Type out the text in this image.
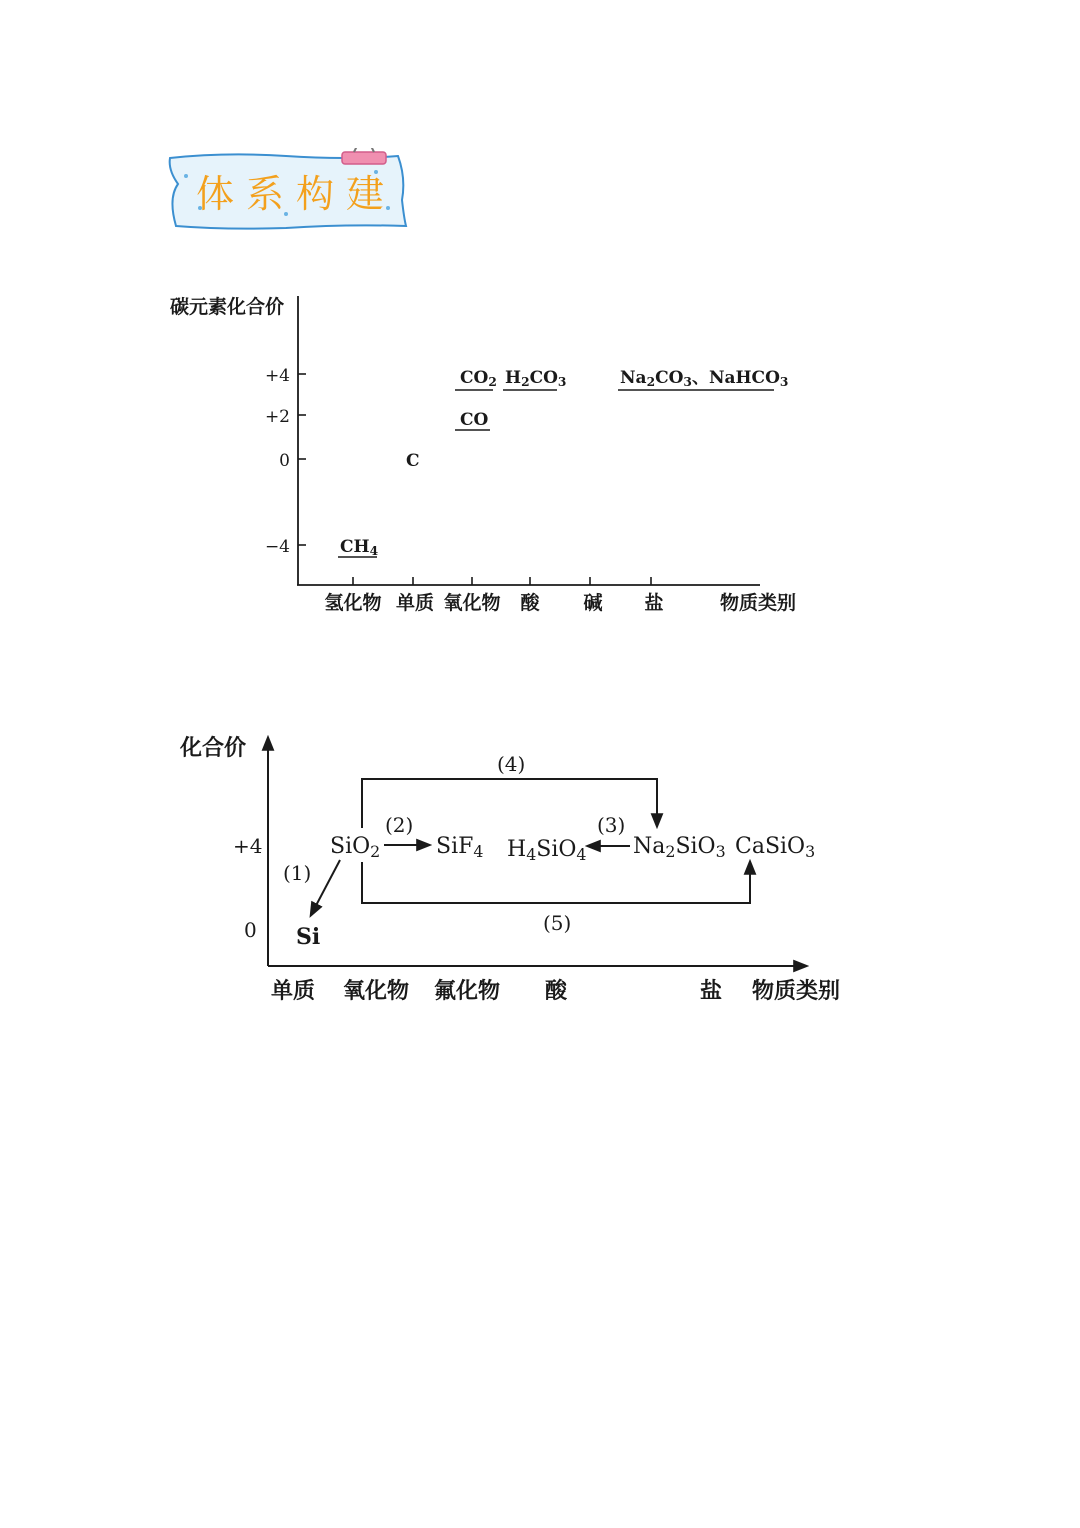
体系构建
碳元素化合价
+4
+2
0
−4
氢化物 单质 氧化物 酸 碱 盐	物质类别
CO2 H2CO3	Na2CO3、NaHCO3
CO
C
CH4
化合价
+4
0
单质 氧化物 氟化物 酸	盐 物质类别
SiO2	SiF4 H4SiO4 Na2SiO3 CaSiO3
Si
(1)
(2)	(3)
(4)
(5)
